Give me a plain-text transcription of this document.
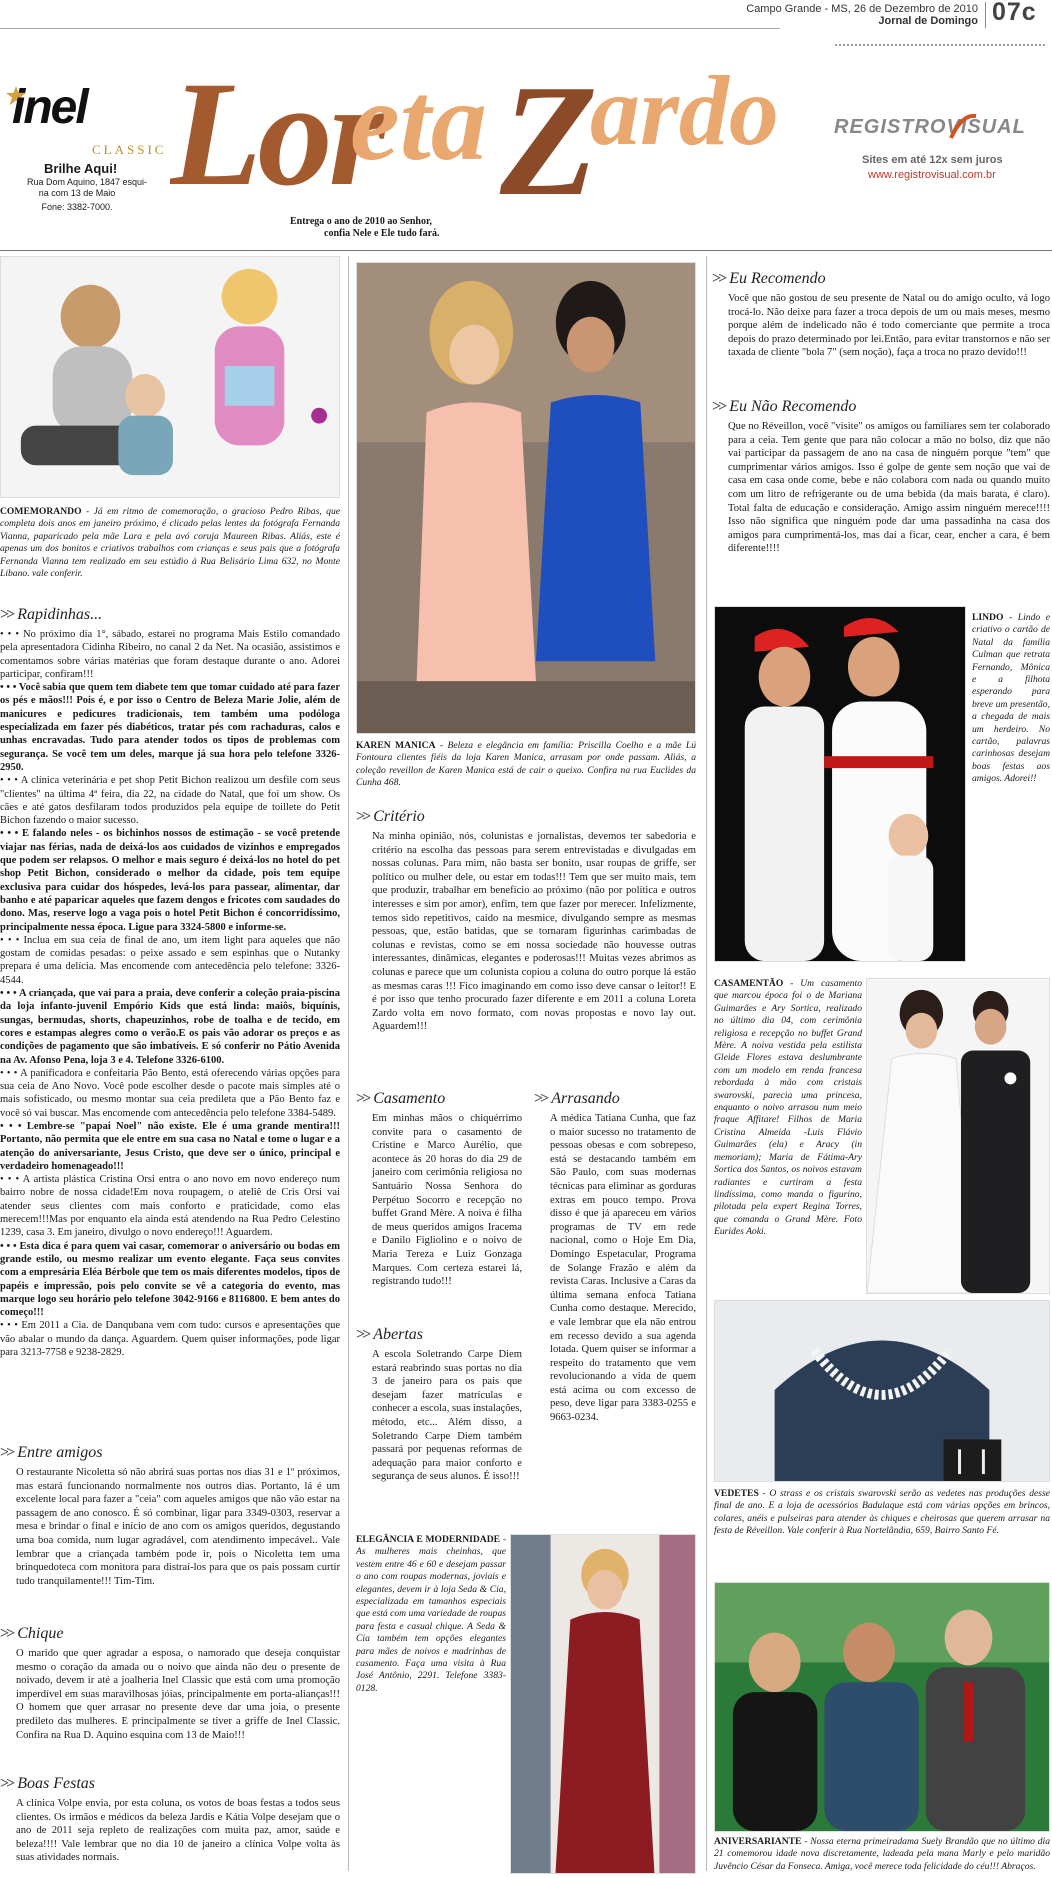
Campo Grande - MS, 26 de Dezembro de 2010
Jornal de Domingo 07c
inel
CLASSIC
Brilhe Aqui!
Rua Dom Aquino, 1847 esqui-
na com 13 de Maio
Fone: 3382-7000. Lor
eta Z
ardo
Entrega o ano de 2010 ao Senhor,
confia Nele e Ele tudo fará.
REGISTROVISUAL
Sites em até 12x sem juros
www.registrovisual.com.br
COMEMORANDO - Já em ritmo de comemoração, o gracioso Pedro Ribas, que completa dois anos em janeiro próximo, é clicado pelas lentes da fotógrafa Fernanda Vianna, paparicado pela mãe Lara e pela avó coruja Maureen Ribas. Aliás, este é apenas um dos bonitos e criativos trabalhos com crianças e seus pais que a fotógrafa Fernanda Vianna tem realizado em seu estúdio à Rua Belisário Lima 632, no Monte Líbano. vale conferir.
>> Rapidinhas...

• • • No próximo dia 1°, sábado, estarei no programa Mais Estilo comandado pela apresentadora Cidinha Ribeiro, no canal 2 da Net. Na ocasião, assistimos e comentamos sobre várias matérias que foram destaque durante o ano. Adorei participar, confiram!!!

• • • Você sabia que quem tem diabete tem que tomar cuidado até para fazer os pés e mãos!!! Pois é, e por isso o Centro de Beleza Marie Jolie, além de manicures e pedicures tradicionais, tem também uma podóloga especializada em fazer pés diabéticos, tratar pés com rachaduras, calos e unhas encravadas. Tudo para atender todos os tipos de problemas com segurança. Se você tem um deles, marque já sua hora pelo telefone 3326-2950.

• • • A clínica veterinária e pet shop Petit Bichon realizou um desfile com seus "clientes" na última 4ª feira, dia 22, na cidade do Natal, que foi um show. Os cães e até gatos desfilaram todos produzidos pela equipe de toillete do Petit Bichon fazendo o maior sucesso.

• • • E falando neles - os bichinhos nossos de estimação - se você pretende viajar nas férias, nada de deixá-los aos cuidados de vizinhos e empregados que podem ser relapsos. O melhor e mais seguro é deixá-los no hotel do pet shop Petit Bichon, considerado o melhor da cidade, pois tem equipe exclusiva para cuidar dos hóspedes, levá-los para passear, alimentar, dar banho e até paparicar aqueles que fazem dengos e fricotes com saudades do dono. Mas, reserve logo a vaga pois o hotel Petit Bichon é concorridíssimo, principalmente nessa época. Ligue para 3324-5800 e informe-se.

• • • Inclua em sua ceia de final de ano, um item light para aqueles que não gostam de comidas pesadas: o peixe assado e sem espinhas que o Nutanky prepara é uma delícia. Mas encomende com antecedência pelo telefone: 3326-4544.

• • • A criançada, que vai para a praia, deve conferir a coleção praia-piscina da loja infanto-juvenil Empório Kids que está linda: maiôs, biquínis, sungas, bermudas, shorts, chapeuzinhos, robe de toalha e de tecido, em cores e estampas alegres como o verão.E os pais vão adorar os preços e as condições de pagamento que são imbatíveis. E só conferir no Pátio Avenida na Av. Afonso Pena, loja 3 e 4. Telefone 3326-6100.

• • • A panificadora e confeitaria Pão Bento, está oferecendo várias opções para sua ceia de Ano Novo. Você pode escolher desde o pacote mais simples até o mais sofisticado, ou mesmo montar sua ceia predileta que a Pão Bento faz e você só vai buscar. Mas encomende com antecedência pelo telefone 3384-5489.

• • • Lembre-se "papai Noel" não existe. Ele é uma grande mentira!!! Portanto, não permita que ele entre em sua casa no Natal e tome o lugar e a atenção do aniversariante, Jesus Cristo, que deve ser o único, principal e verdadeiro homenageado!!!

• • • A artista plástica Cristina Orsi entra o ano novo em novo endereço num bairro nobre de nossa cidade!Em nova roupagem, o ateliê de Cris Orsi vai atender seus clientes com mais conforto e praticidade, como elas merecem!!!Mas por enquanto ela ainda está atendendo na Rua Pedro Celestino 1239, casa 3. Em janeiro, divulgo o novo endereço!!! Aguardem.

• • • Esta dica é para quem vai casar, comemorar o aniversário ou bodas em grande estilo, ou mesmo realizar um evento elegante. Faça seus convites com a empresária Eléa Bérbole que tem os mais diferentes modelos, tipos de papéis e impressão, pois pelo convite se vê a categoria do evento, mas marque logo seu horário pelo telefone 3042-9166 e 8116800. E bem antes do começo!!!

• • • Em 2011 a Cia. de Danqubana vem com tudo: cursos e apresentações que vão abalar o mundo da dança. Aguardem. Quem quiser informações, pode ligar para 3213-7758 e 9238-2829.

>> Entre amigos
O restaurante Nicoletta só não abrirá suas portas nos dias 31 e 1º próximos, mas estará funcionando normalmente nos outros dias. Portanto, lá é um excelente local para fazer a "ceia" com aqueles amigos que não vão estar na passagem de ano conosco. É só combinar, ligar para 3349-0303, reservar a mesa e brindar o final e início de ano com os amigos queridos, degustando uma boa comida, num lugar agradável, com atendimento impecável.. Vale lembrar que a criançada também pode ir, pois o Nicoletta tem uma brinquedoteca com monitora para distraí-los para que os pais possam curtir tudo tranquilamente!!! Tim-Tim.
>> Chique
O marido que quer agradar a esposa, o namorado que deseja conquistar mesmo o coração da amada ou o noivo que ainda não deu o presente de noivado, devem ir até a joalheria Inel Classic que está com uma promoção imperdível em suas maravilhosas jóias, principalmente em porta-alianças!!! O homem que quer arrasar no presente deve dar uma joia, o presente predileto das mulheres. E principalmente se tiver a griffe de Inel Classic. Confira na Rua D. Aquino esquina com 13 de Maio!!!
>> Boas Festas
A clínica Volpe envia, por esta coluna, os votos de boas festas a todos seus clientes. Os irmãos e médicos da beleza Jardis e Kátia Volpe desejam que o ano de 2011 seja repleto de realizações com muita paz, amor, saúde e beleza!!!! Vale lembrar que no dia 10 de janeiro a clínica Volpe volta às suas atividades normais.
KAREN MANICA - Beleza e elegância em família: Priscilla Coelho e a mãe Lú Fontoura clientes fiéis da loja Karen Manica, arrasam por onde passam. Aliás, a coleção reveillon de Karen Manica está de cair o queixo. Confira na rua Euclides da Cunha 468.
>> Critério
Na minha opinião, nós, colunistas e jornalistas, devemos ter sabedoria e critério na escolha das pessoas para serem entrevistadas e divulgadas em nossas colunas. Para mim, não basta ser bonito, usar roupas de griffe, ser político ou mulher dele, ou estar em todas!!! Tem que ser muito mais, tem que produzir, trabalhar em benefício ao próximo (não por política e outros interesses e sim por amor), enfim, tem que fazer por merecer. Infelizmente, temos sido repetitivos, caído na mesmice, divulgando sempre as mesmas pessoas, que, estão batidas, que se tornaram figurinhas carimbadas de colunas e revistas, como se em nossa sociedade não houvesse outras interessantes, dinâmicas, elegantes e poderosas!!! Muitas vezes abrimos as colunas e parece que um colunista copiou a coluna do outro porque lá estão as mesmas caras !!! Fico imaginando em como isso deve cansar o leitor!! E é por isso que tenho procurado fazer diferente e em 2011 a coluna Loreta Zardo volta em novo formato, com novas propostas e novo lay out. Aguardem!!!
>> Casamento
Em minhas mãos o chiquérrimo convite para o casamento de Cristine e Marco Aurélio, que acontece às 20 horas do dia 29 de janeiro com cerimônia religiosa no Santuário Nossa Senhora do Perpétuo Socorro e recepção no buffet Grand Mère. A noiva é filha de meus queridos amigos Iracema e Danilo Figliolino e o noivo de Maria Tereza e Luiz Gonzaga Marques. Com certeza estarei lá, registrando tudo!!!
>> Abertas
A escola Soletrando Carpe Diem estará reabrindo suas portas no dia 3 de janeiro para os pais que desejam fazer matrículas e conhecer a escola, suas instalações, método, etc... Além disso, a Soletrando Carpe Diem também passará por pequenas reformas de adequação para maior conforto e segurança de seus alunos. É isso!!!
>> Arrasando
A médica Tatiana Cunha, que faz o maior sucesso no tratamento de pessoas obesas e com sobrepeso, está se destacando também em São Paulo, com suas modernas técnicas para eliminar as gorduras extras em pouco tempo. Prova disso é que já apareceu em vários programas de TV em rede nacional, como o Hoje Em Dia, Domingo Espetacular, Programa de Solange Frazão e além da revista Caras. Inclusive a Caras da última semana enfoca Tatiana Cunha como destaque. Merecido, e vale lembrar que ela não entrou em recesso devido a sua agenda lotada. Quem quiser se informar a respeito do tratamento que vem revolucionando a vida de quem está acima ou com excesso de peso, deve ligar para 3383-0255 e 9663-0234.
ELEGÂNCIA E MODERNIDADE - As mulheres mais cheinhas, que vestem entre 46 e 60 e desejam passar o ano com roupas modernas, joviais e elegantes, devem ir à loja Seda & Cia, especializada em tamanhos especiais que está com uma variedade de roupas para festa e casual chique. A Seda & Cia também tem opções elegantes para mães de noivos e madrinhas de casamento. Faça uma visita à Rua José Antônio, 2291. Telefone 3383-0128.
>> Eu Recomendo
Você que não gostou de seu presente de Natal ou do amigo oculto, vá logo trocá-lo. Não deixe para fazer a troca depois de um ou mais meses, mesmo porque além de indelicado não é todo comerciante que permite a troca depois do prazo determinado por lei.Então, para evitar transtornos e não ser taxada de cliente "bola 7" (sem noção), faça a troca no prazo devido!!!
>> Eu Não Recomendo
Que no Réveillon, você "visite" os amigos ou familiares sem ter colaborado para a ceia. Tem gente que para não colocar a mão no bolso, diz que não vai participar da passagem de ano na casa de ninguém porque "tem" que cumprimentar vários amigos. Isso é golpe de gente sem noção que vai de casa em casa onde come, bebe e não colabora com nada ou quando muito com um litro de refrigerante ou de uma bebida (da mais barata, é claro). Total falta de educação e consideração. Amigo assim ninguém merece!!!! Isso não significa que ninguém pode dar uma passadinha na casa dos amigos para cumprimentá-los, mas daí a ficar, cear, encher a cara, é bem diferente!!!!
LINDO - Lindo e criativo o cartão de Natal da família Culman que retrata Fernando, Mônica e a filhota esperando para breve um presentão, a chegada de mais um herdeiro. No cartão, palavras carinhosas desejam boas festas aos amigos. Adorei!!
CASAMENTÃO - Um casamento que marcou época foi o de Mariana Guimarães e Ary Sortica, realizado no último dia 04, com cerimônia religiosa e recepção no buffet Grand Mère. A noiva vestida pela estilista Gleide Flores estava deslumbrante com um modelo em renda francesa rebordada à mão com cristais swarovski, parecia uma princesa, enquanto o noivo arrasou num meio fraque Affitare! Filhos de Maria Cristina Almeida -Luis Flávio Guimarães (ela) e Aracy (in memoriam); Maria de Fátima-Ary Sortica dos Santos, os noivos estavam radiantes e curtiram a festa lindíssima, como manda o figurino, pilotada pela expert Regina Torres, que comanda o Grand Mère. Foto Eurides Aoki.
VEDETES - O strass e os cristais swarovski serão as vedetes nas produções desse final de ano. E a loja de acessórios Badulaque está com várias opções em brincos, colares, anéis e pulseiras para atender às chiques e cheirosas que querem arrasar na festa de Réveillon. Vale conferir à Rua Nortelândia, 659, Bairro Santo Fé.
ANIVERSARIANTE - Nossa eterna primeiradama Suely Brandão que no último dia 21 comemorou idade nova discretamente, ladeada pela mana Marly e pelo maridão Juvêncio César da Fonseca. Amiga, você merece toda felicidade do céu!!! Abraços.
